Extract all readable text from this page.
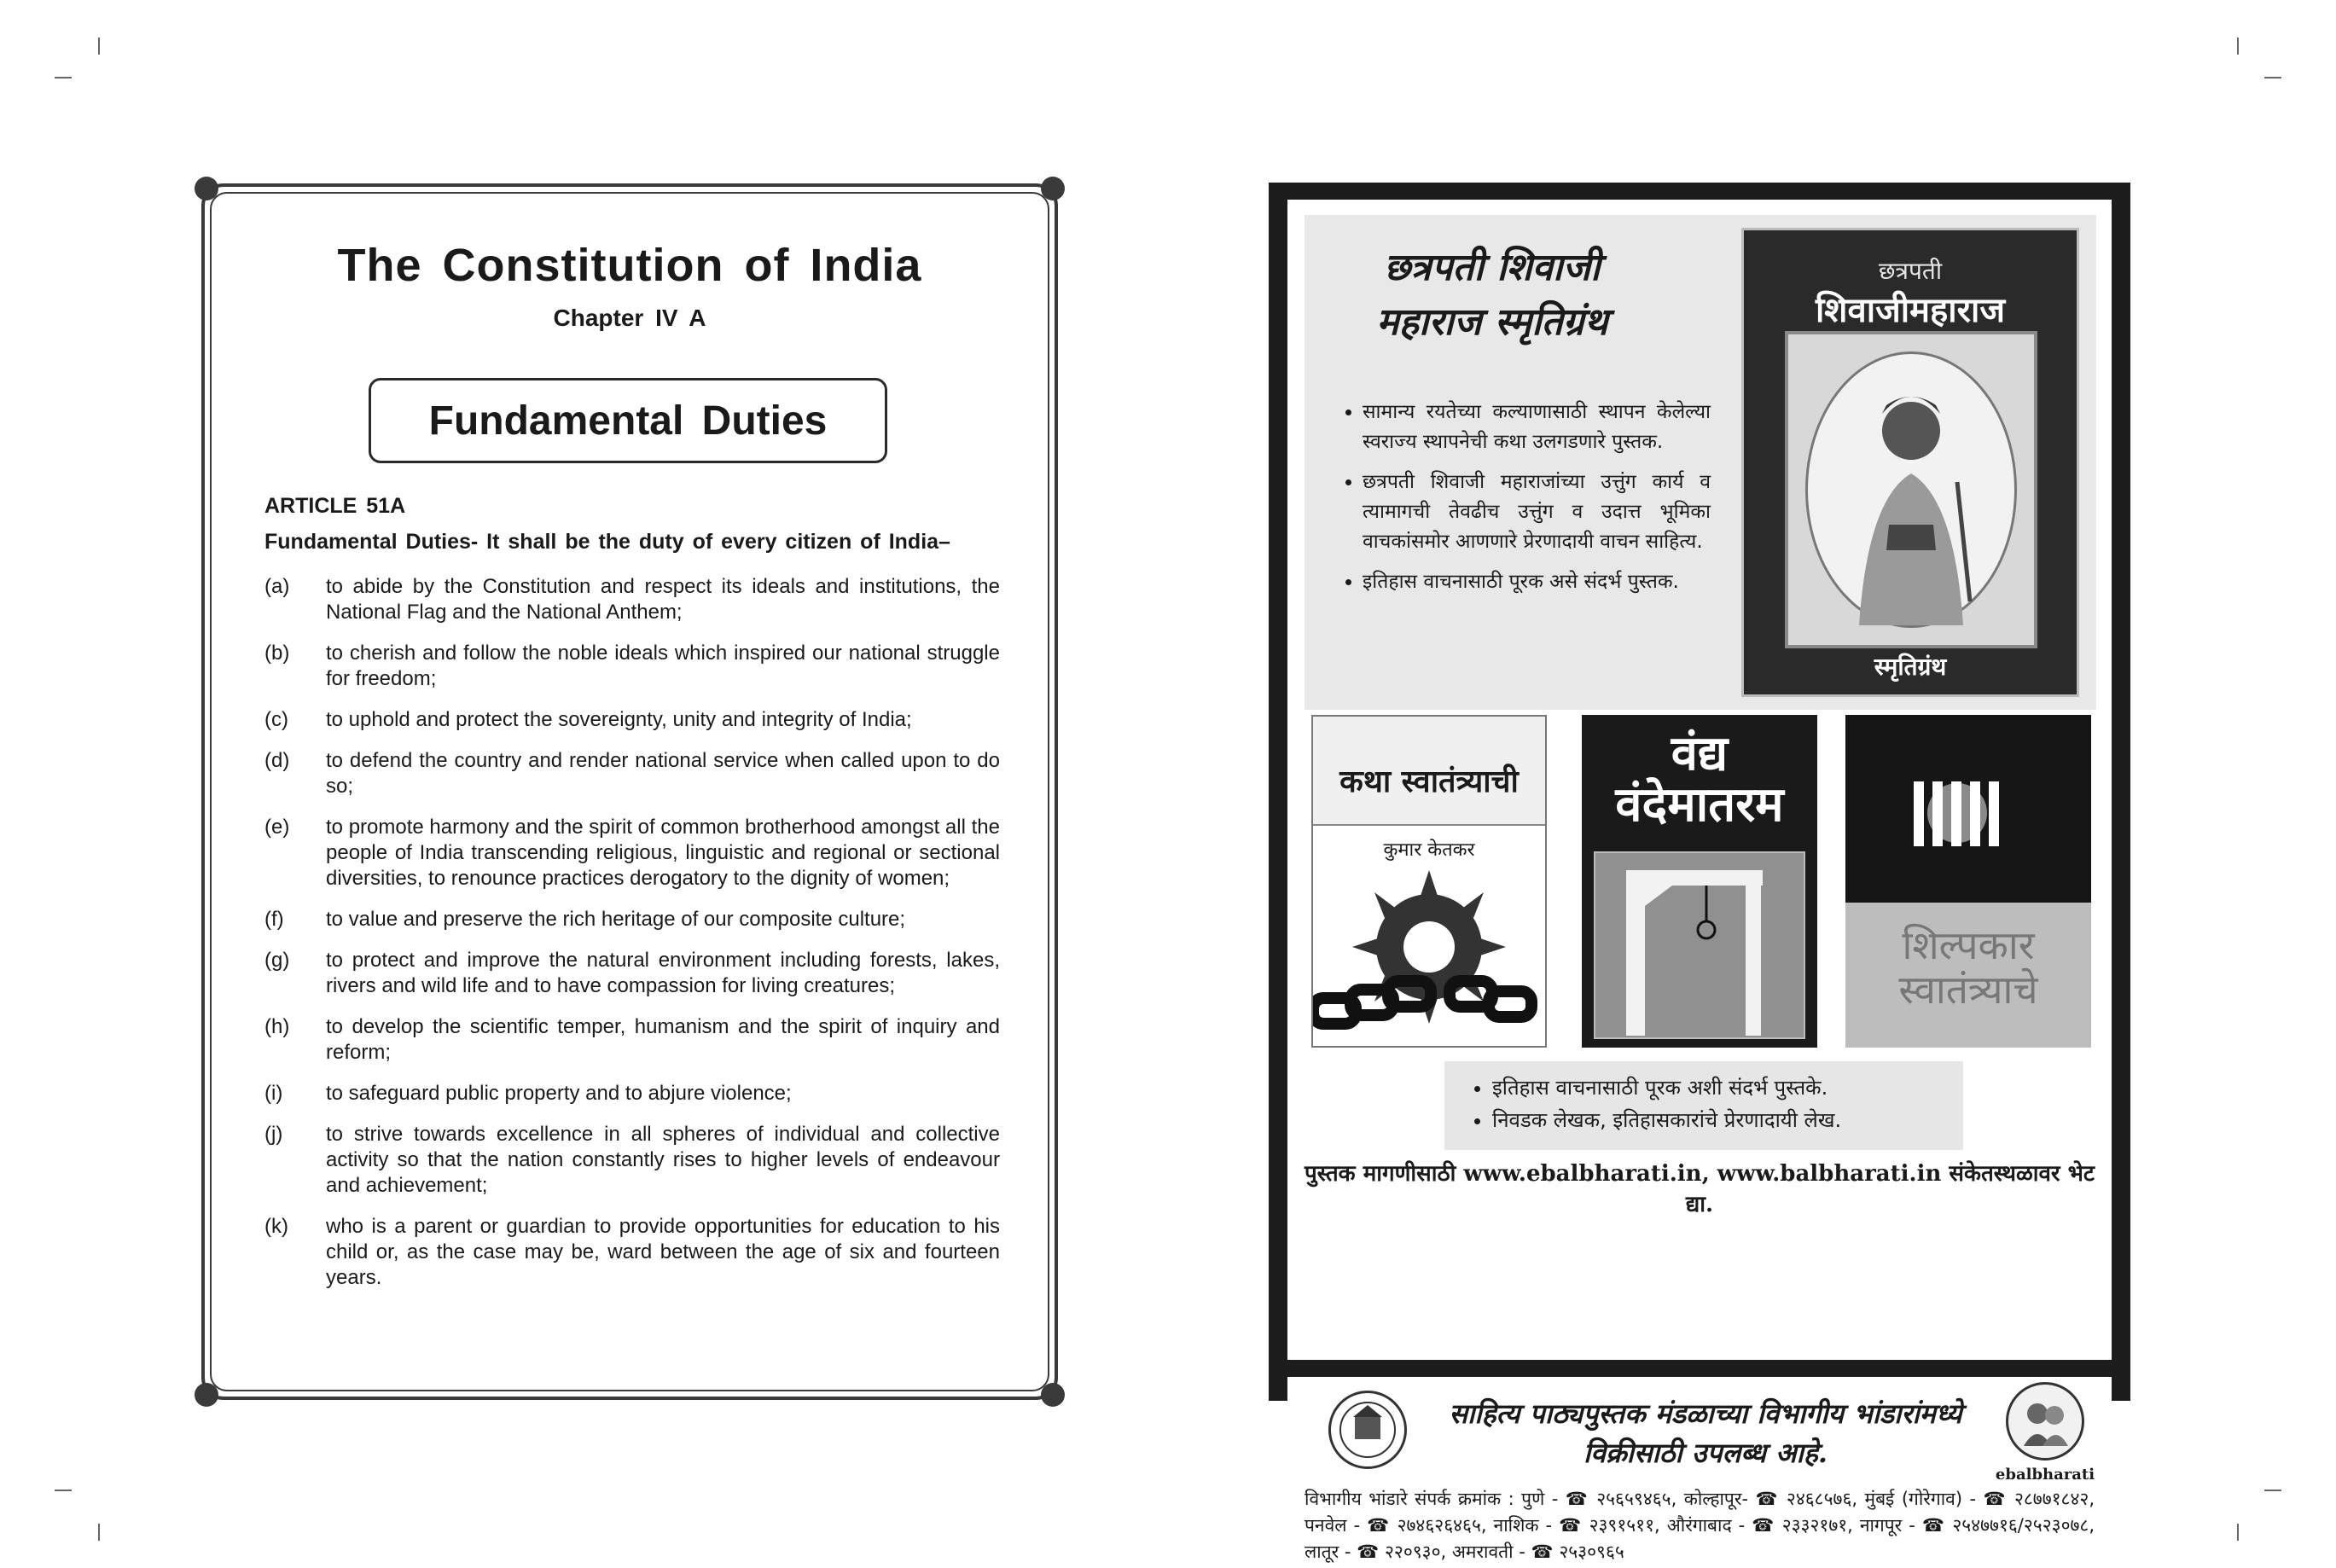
The Constitution of India
Chapter IV A
Fundamental Duties
ARTICLE 51A
Fundamental Duties- It shall be the duty of every citizen of India–
(a)	to abide by the Constitution and respect its ideals and institutions, the National Flag and the National Anthem;
(b)	to cherish and follow the noble ideals which inspired our national struggle for freedom;
(c)	to uphold and protect the sovereignty, unity and integrity of India;
(d)	to defend the country and render national service when called upon to do so;
(e)	to promote harmony and the spirit of common brotherhood amongst all the people of India transcending religious, linguistic and regional or sectional diversities, to renounce practices derogatory to the dignity of women;
(f)	to value and preserve the rich heritage of our composite culture;
(g)	to protect and improve the natural environment including forests, lakes, rivers and wild life and to have compassion for living creatures;
(h)	to develop the scientific temper, humanism and the spirit of inquiry and reform;
(i)	to safeguard public property and to abjure violence;
(j)	to strive towards excellence in all spheres of individual and collective activity so that the nation constantly rises to higher levels of endeavour and achievement;
(k)	who is a parent or guardian to provide opportunities for education to his child or, as the case may be, ward between the age of six and fourteen years.
छत्रपती शिवाजी
महाराज स्मृतिग्रंथ
• सामान्य रयतेच्या कल्याणासाठी स्थापन केलेल्या स्वराज्य स्थापनेची कथा उलगडणारे पुस्तक.
• छत्रपती शिवाजी महाराजांच्या उत्तुंग कार्य व त्यामागची तेवढीच उत्तुंग व उदात्त भूमिका वाचकांसमोर आणणारे प्रेरणादायी वाचन साहित्य.
• इतिहास वाचनासाठी पूरक असे संदर्भ पुस्तक.
छत्रपती
शिवाजीमहाराज
स्मृतिग्रंथ
कथा स्वातंत्र्याची
कुमार केतकर
वंद्य
वंदेमातरम
शिल्पकार
स्वातंत्र्याचे
• इतिहास वाचनासाठी पूरक अशी संदर्भ पुस्तके.
• निवडक लेखक, इतिहासकारांचे प्रेरणादायी लेख.
पुस्तक मागणीसाठी www.ebalbharati.in, www.balbharati.in संकेतस्थळावर भेट द्या.
साहित्य पाठ्यपुस्तक मंडळाच्या विभागीय भांडारांमध्ये
विक्रीसाठी उपलब्ध आहे.
ebalbharati
विभागीय भांडारे संपर्क क्रमांक : पुणे - ☎ २५६५९४६५, कोल्हापूर- ☎ २४६८५७६, मुंबई (गोरेगाव) - ☎ २८७७१८४२, पनवेल - ☎ २७४६२६४६५, नाशिक - ☎ २३९१५११, औरंगाबाद - ☎ २३३२१७१, नागपूर - ☎ २५४७७१६/२५२३०७८, लातूर - ☎ २२०९३०, अमरावती - ☎ २५३०९६५
